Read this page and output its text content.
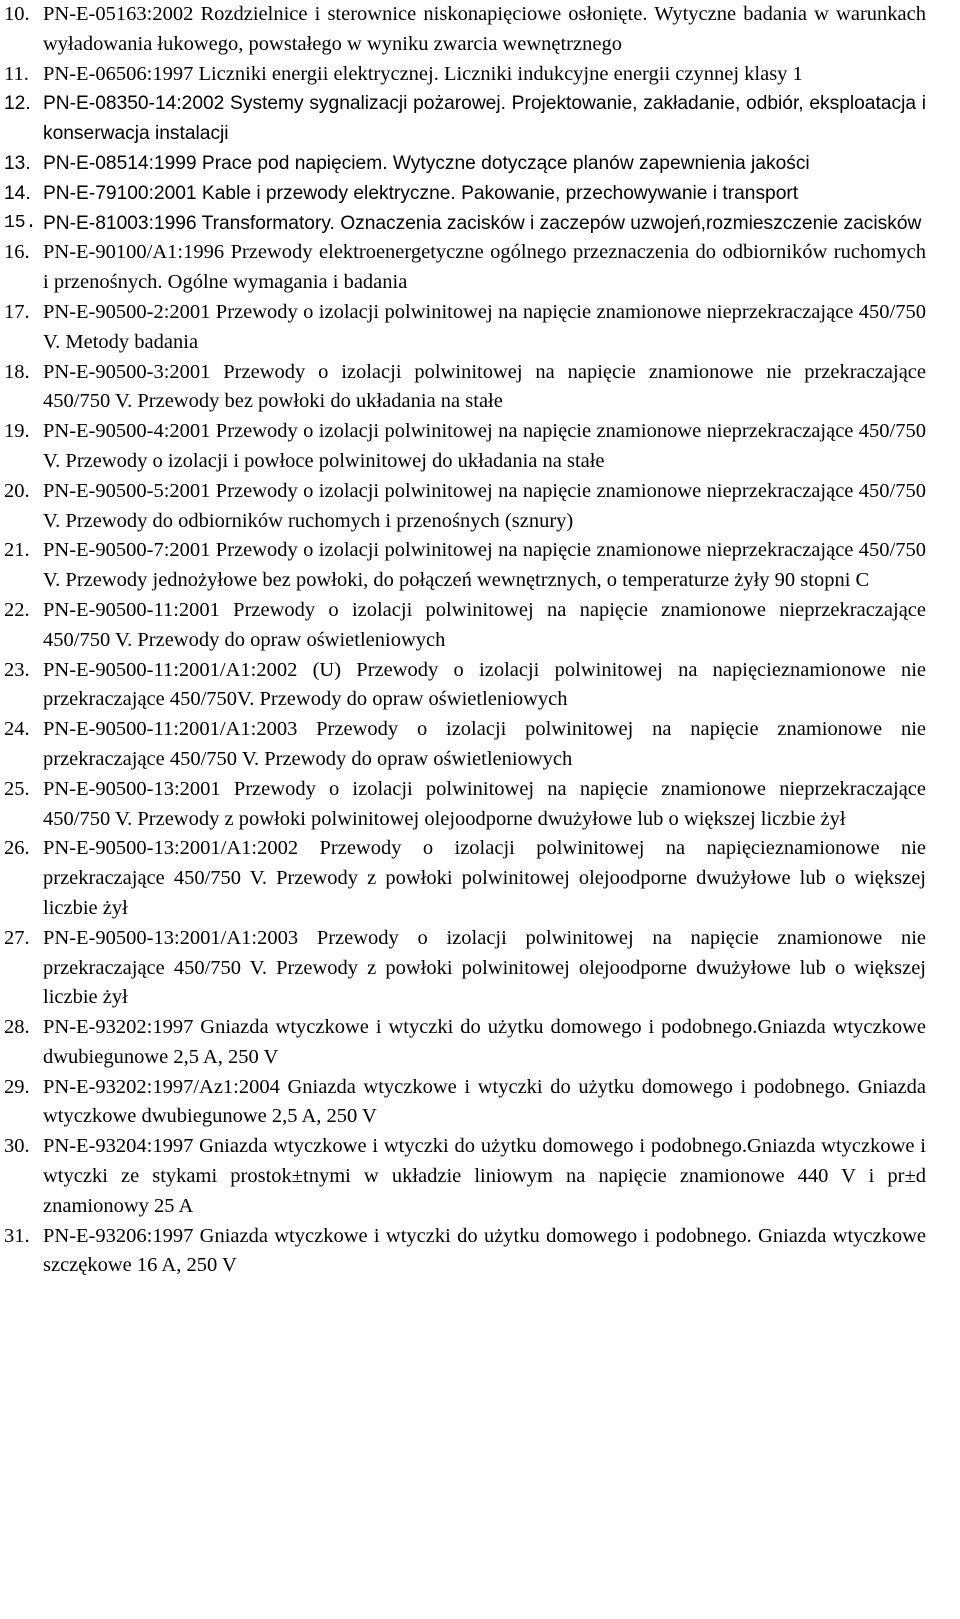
10. PN-E-05163:2002 Rozdzielnice i sterownice niskonapięciowe osłonięte. Wytyczne badania w warunkach wyładowania łukowego, powstałego w wyniku zwarcia wewnętrznego
11. PN-E-06506:1997 Liczniki energii elektrycznej. Liczniki indukcyjne energii czynnej klasy 1
12. PN-E-08350-14:2002 Systemy sygnalizacji pożarowej. Projektowanie, zakładanie, odbiór, eksploatacja i konserwacja instalacji
13. PN-E-08514:1999 Prace pod napięciem. Wytyczne dotyczące planów zapewnienia jakości
14. PN-E-79100:2001 Kable i przewody elektryczne. Pakowanie, przechowywanie i transport
15. PN-E-81003:1996 Transformatory. Oznaczenia zacisków i zaczepów uzwojeń,rozmieszczenie zacisków
16. PN-E-90100/A1:1996 Przewody elektroenergetyczne ogólnego przeznaczenia do odbiorników ruchomych i przenośnych. Ogólne wymagania i badania
17. PN-E-90500-2:2001 Przewody o izolacji polwinitowej na napięcie znamionowe nieprzekraczające 450/750 V. Metody badania
18. PN-E-90500-3:2001 Przewody o izolacji polwinitowej na napięcie znamionowe nie przekraczające 450/750 V. Przewody bez powłoki do układania na stałe
19. PN-E-90500-4:2001 Przewody o izolacji polwinitowej na napięcie znamionowe nieprzekraczające 450/750 V. Przewody o izolacji i powłoce polwinitowej do układania na stałe
20. PN-E-90500-5:2001 Przewody o izolacji polwinitowej na napięcie znamionowe nieprzekraczające 450/750 V. Przewody do odbiorników ruchomych i przenośnych (sznury)
21. PN-E-90500-7:2001 Przewody o izolacji polwinitowej na napięcie znamionowe nieprzekraczające 450/750 V. Przewody jednożyłowe bez powłoki, do połączeń wewnętrznych, o temperaturze żyły 90 stopni C
22. PN-E-90500-11:2001 Przewody o izolacji polwinitowej na napięcie znamionowe nieprzekraczające 450/750 V. Przewody do opraw oświetleniowych
23. PN-E-90500-11:2001/A1:2002 (U) Przewody o izolacji polwinitowej na napięcieznamionowe nie przekraczające 450/750V. Przewody do opraw oświetleniowych
24. PN-E-90500-11:2001/A1:2003 Przewody o izolacji polwinitowej na napięcie znamionowe nie przekraczające 450/750 V. Przewody do opraw oświetleniowych
25. PN-E-90500-13:2001 Przewody o izolacji polwinitowej na napięcie znamionowe nieprzekraczające 450/750 V. Przewody z powłoki polwinitowej olejoodporne dwużyłowe lub o większej liczbie żył
26. PN-E-90500-13:2001/A1:2002 Przewody o izolacji polwinitowej na napięcieznamionowe nie przekraczające 450/750 V. Przewody z powłoki polwinitowej olejoodporne dwużyłowe lub o większej liczbie żył
27. PN-E-90500-13:2001/A1:2003 Przewody o izolacji polwinitowej na napięcie znamionowe nie przekraczające 450/750 V. Przewody z powłoki polwinitowej olejoodporne dwużyłowe lub o większej liczbie żył
28. PN-E-93202:1997 Gniazda wtyczkowe i wtyczki do użytku domowego i podobnego.Gniazda wtyczkowe dwubiegunowe 2,5 A, 250 V
29. PN-E-93202:1997/Az1:2004 Gniazda wtyczkowe i wtyczki do użytku domowego i podobnego. Gniazda wtyczkowe dwubiegunowe 2,5 A, 250 V
30. PN-E-93204:1997 Gniazda wtyczkowe i wtyczki do użytku domowego i podobnego.Gniazda wtyczkowe i wtyczki ze stykami prostok±tnymi w układzie liniowym na napięcie znamionowe 440 V i pr±d znamionowy 25 A
31. PN-E-93206:1997 Gniazda wtyczkowe i wtyczki do użytku domowego i podobnego. Gniazda wtyczkowe szczękowe 16 A, 250 V
